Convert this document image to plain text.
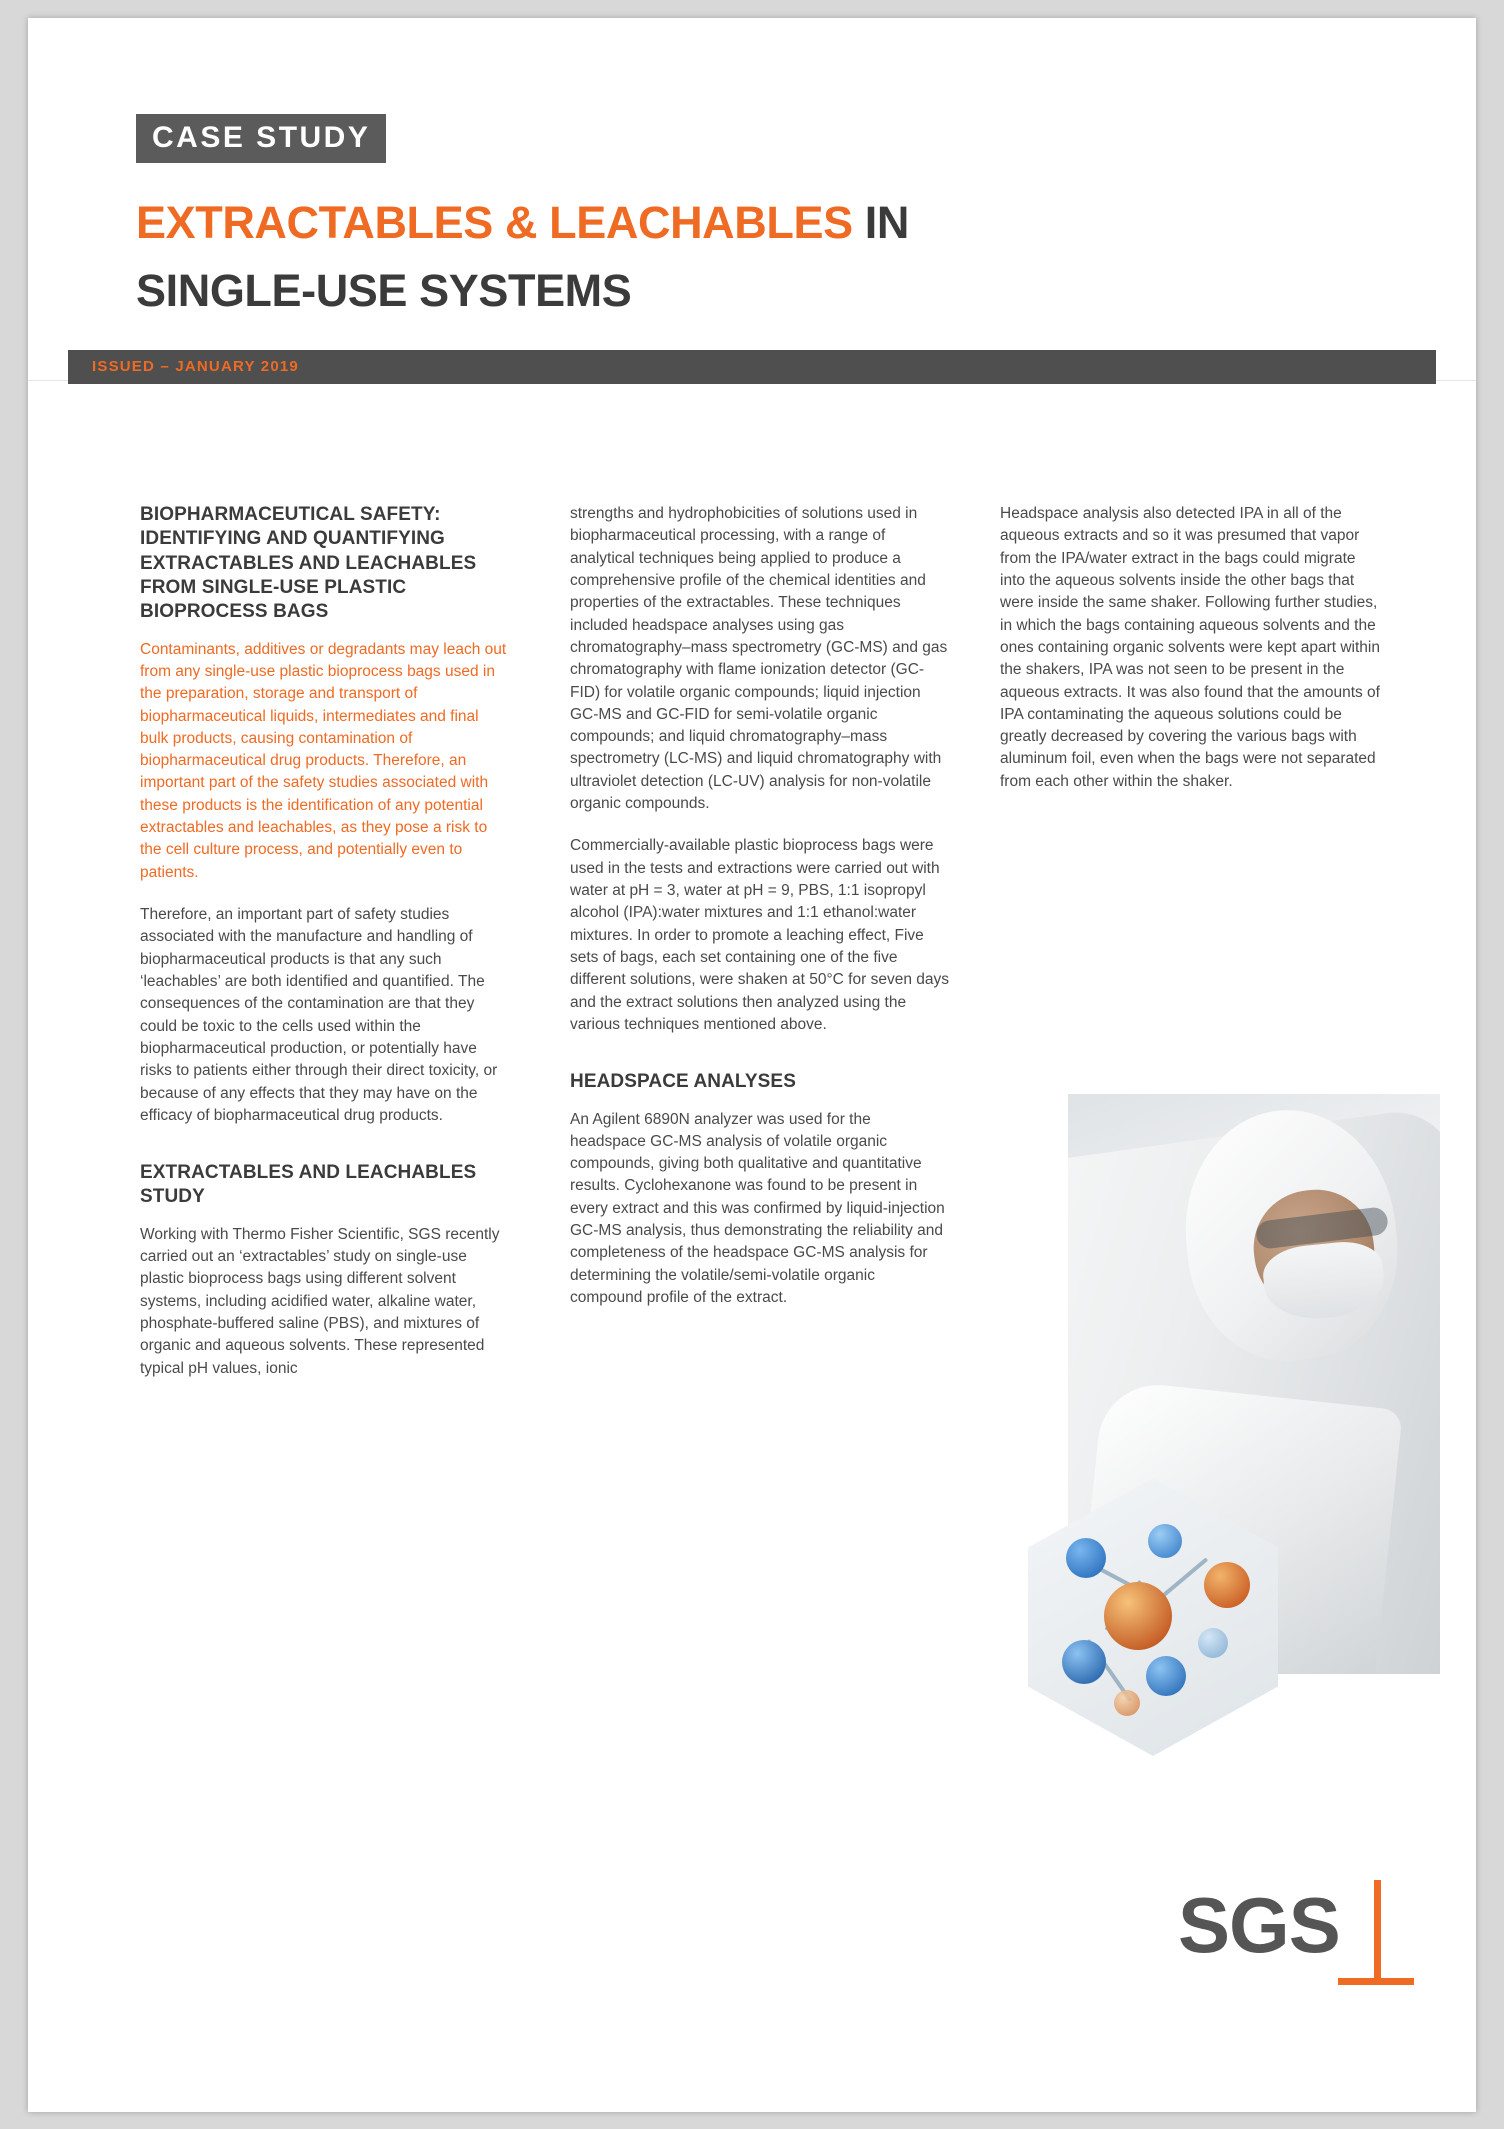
CASE STUDY
EXTRACTABLES & LEACHABLES IN
SINGLE-USE SYSTEMS
ISSUED – JANUARY 2019
BIOPHARMACEUTICAL SAFETY: IDENTIFYING AND QUANTIFYING EXTRACTABLES AND LEACHABLES FROM SINGLE-USE PLASTIC BIOPROCESS BAGS

Contaminants, additives or degradants may leach out from any single-use plastic bioprocess bags used in the preparation, storage and transport of biopharmaceutical liquids, intermediates and final bulk products, causing contamination of biopharmaceutical drug products. Therefore, an important part of the safety studies associated with these products is the identification of any potential extractables and leachables, as they pose a risk to the cell culture process, and potentially even to patients.

Therefore, an important part of safety studies associated with the manufacture and handling of biopharmaceutical products is that any such ‘leachables’ are both identified and quantified. The consequences of the contamination are that they could be toxic to the cells used within the biopharmaceutical production, or potentially have risks to patients either through their direct toxicity, or because of any effects that they may have on the efficacy of biopharmaceutical drug products.

EXTRACTABLES AND LEACHABLES STUDY

Working with Thermo Fisher Scientific, SGS recently carried out an ‘extractables’ study on single-use plastic bioprocess bags using different solvent systems, including acidified water, alkaline water, phosphate-buffered saline (PBS), and mixtures of organic and aqueous solvents. These represented typical pH values, ionic

strengths and hydrophobicities of solutions used in biopharmaceutical processing, with a range of analytical techniques being applied to produce a comprehensive profile of the chemical identities and properties of the extractables. These techniques included headspace analyses using gas chromatography–mass spectrometry (GC-MS) and gas chromatography with flame ionization detector (GC-FID) for volatile organic compounds; liquid injection GC-MS and GC-FID for semi-volatile organic compounds; and liquid chromatography–mass spectrometry (LC-MS) and liquid chromatography with ultraviolet detection (LC-UV) analysis for non-volatile organic compounds.

Commercially-available plastic bioprocess bags were used in the tests and extractions were carried out with water at pH = 3, water at pH = 9, PBS, 1:1 isopropyl alcohol (IPA):water mixtures and 1:1 ethanol:water mixtures. In order to promote a leaching effect, Five sets of bags, each set containing one of the five different solutions, were shaken at 50°C for seven days and the extract solutions then analyzed using the various techniques mentioned above.

HEADSPACE ANALYSES

An Agilent 6890N analyzer was used for the headspace GC-MS analysis of volatile organic compounds, giving both qualitative and quantitative results. Cyclohexanone was found to be present in every extract and this was confirmed by liquid-injection GC-MS analysis, thus demonstrating the reliability and completeness of the headspace GC-MS analysis for determining the volatile/semi-volatile organic compound profile of the extract.

Headspace analysis also detected IPA in all of the aqueous extracts and so it was presumed that vapor from the IPA/water extract in the bags could migrate into the aqueous solvents inside the other bags that were inside the same shaker. Following further studies, in which the bags containing aqueous solvents and the ones containing organic solvents were kept apart within the shakers, IPA was not seen to be present in the aqueous extracts. It was also found that the amounts of IPA contaminating the aqueous solutions could be greatly decreased by covering the various bags with aluminum foil, even when the bags were not separated from each other within the shaker.

SGS
